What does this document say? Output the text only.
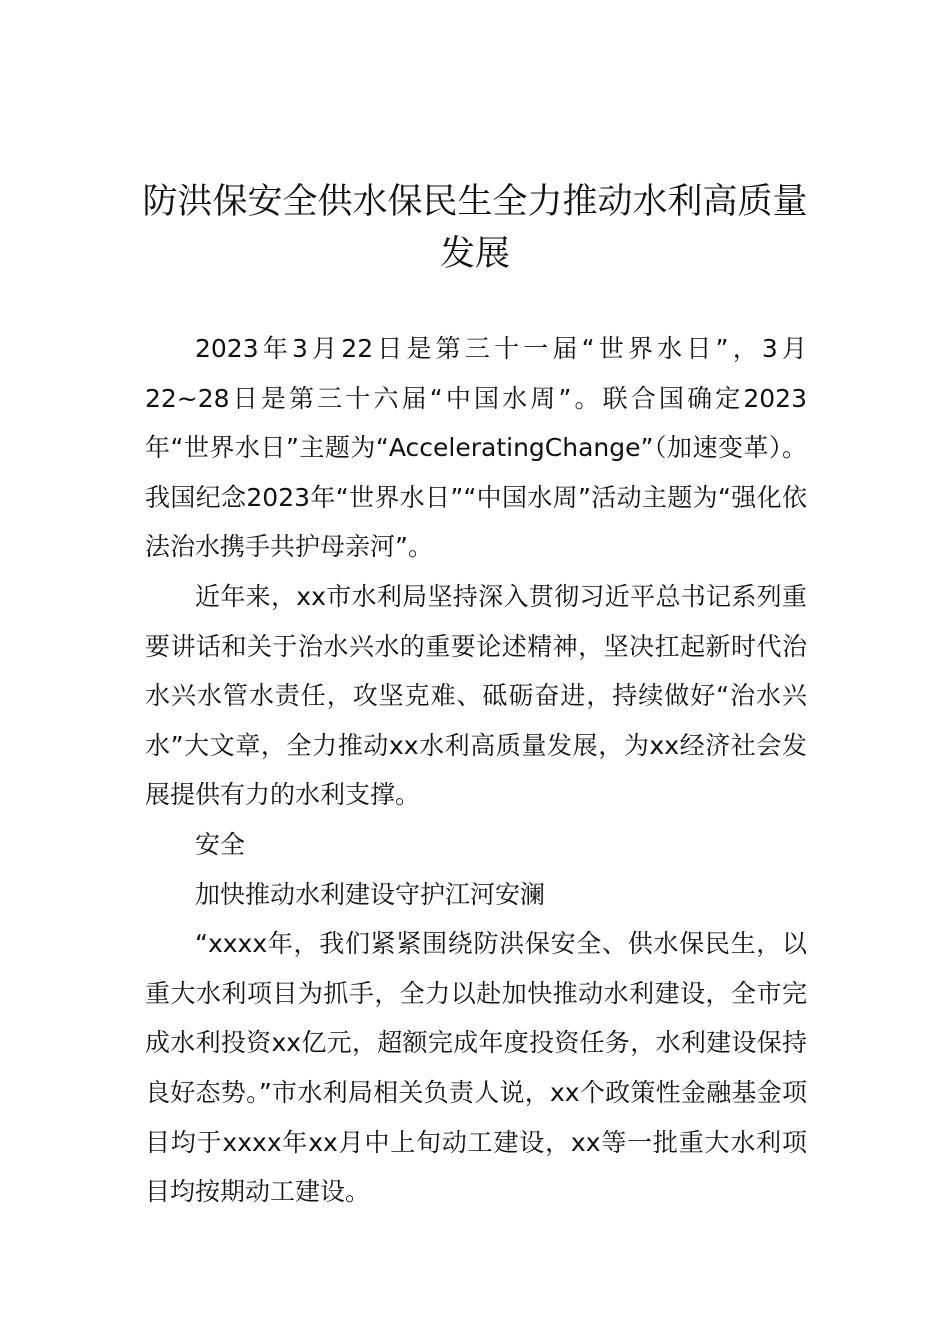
防洪保安全供水保民生全力推动水利高质量发展

2023年3月22日是第三十一届“世界水日”，3月22~28日是第三十六届“中国水周”。联合国确定2023年“世界水日”主题为“AcceleratingChange”（加速变革）。我国纪念2023年“世界水日”“中国水周”活动主题为“强化依法治水携手共护母亲河”。

近年来，xx市水利局坚持深入贯彻习近平总书记系列重要讲话和关于治水兴水的重要论述精神，坚决扛起新时代治水兴水管水责任，攻坚克难、砥砺奋进，持续做好“治水兴水”大文章，全力推动xx水利高质量发展，为xx经济社会发展提供有力的水利支撑。

安全

加快推动水利建设守护江河安澜

“xxxx年，我们紧紧围绕防洪保安全、供水保民生，以重大水利项目为抓手，全力以赴加快推动水利建设，全市完成水利投资xx亿元，超额完成年度投资任务，水利建设保持良好态势。”市水利局相关负责人说，xx个政策性金融基金项目均于xxxx年xx月中上旬动工建设，xx等一批重大水利项目均按期动工建设。
